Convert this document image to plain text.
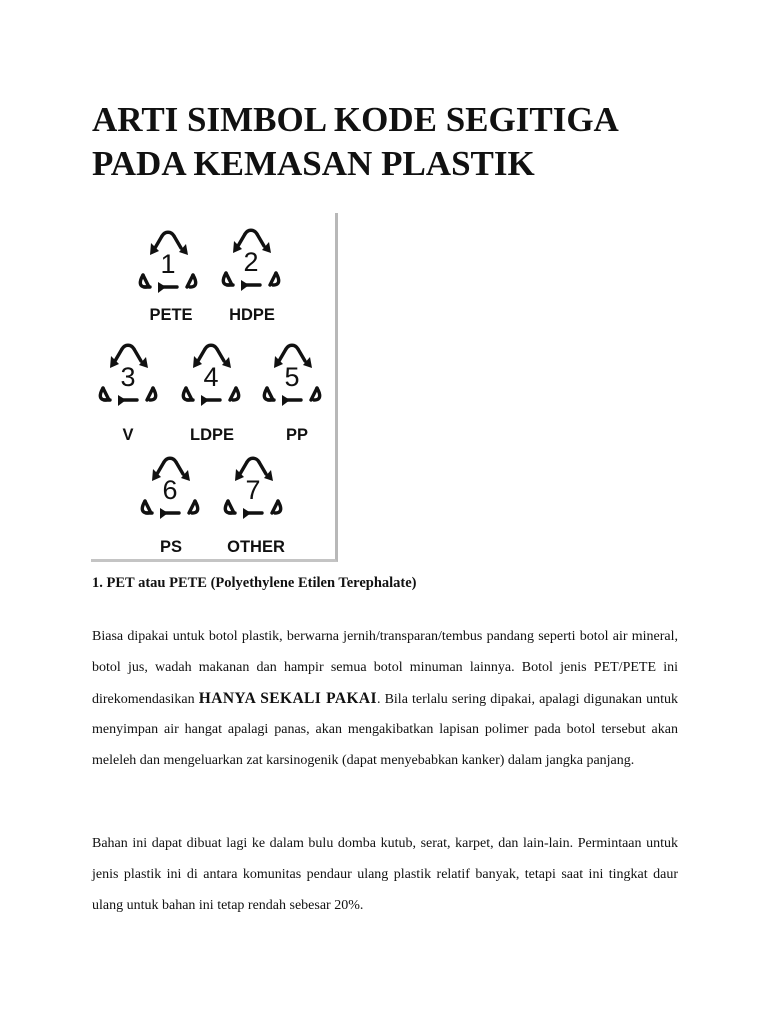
ARTI SIMBOL KODE SEGITIGA
PADA KEMASAN PLASTIK
1
PETE
2
HDPE
3
V
4
LDPE
5
PP
6
PS
7
OTHER
1. PET atau PETE (Polyethylene Etilen Terephalate)

Biasa dipakai untuk botol plastik, berwarna jernih/transparan/tembus pandang seperti botol air mineral, botol jus, wadah makanan dan hampir semua botol minuman lainnya. Botol jenis PET/PETE ini direkomendasikan HANYA SEKALI PAKAI. Bila terlalu sering dipakai, apalagi digunakan untuk menyimpan air hangat apalagi panas, akan mengakibatkan lapisan polimer pada botol tersebut akan meleleh dan mengeluarkan zat karsinogenik (dapat menyebabkan kanker) dalam jangka panjang.

Bahan ini dapat dibuat lagi ke dalam bulu domba kutub, serat, karpet, dan lain-lain. Permintaan untuk jenis plastik ini di antara komunitas pendaur ulang plastik relatif banyak, tetapi saat ini tingkat daur ulang untuk bahan ini tetap rendah sebesar 20%.
